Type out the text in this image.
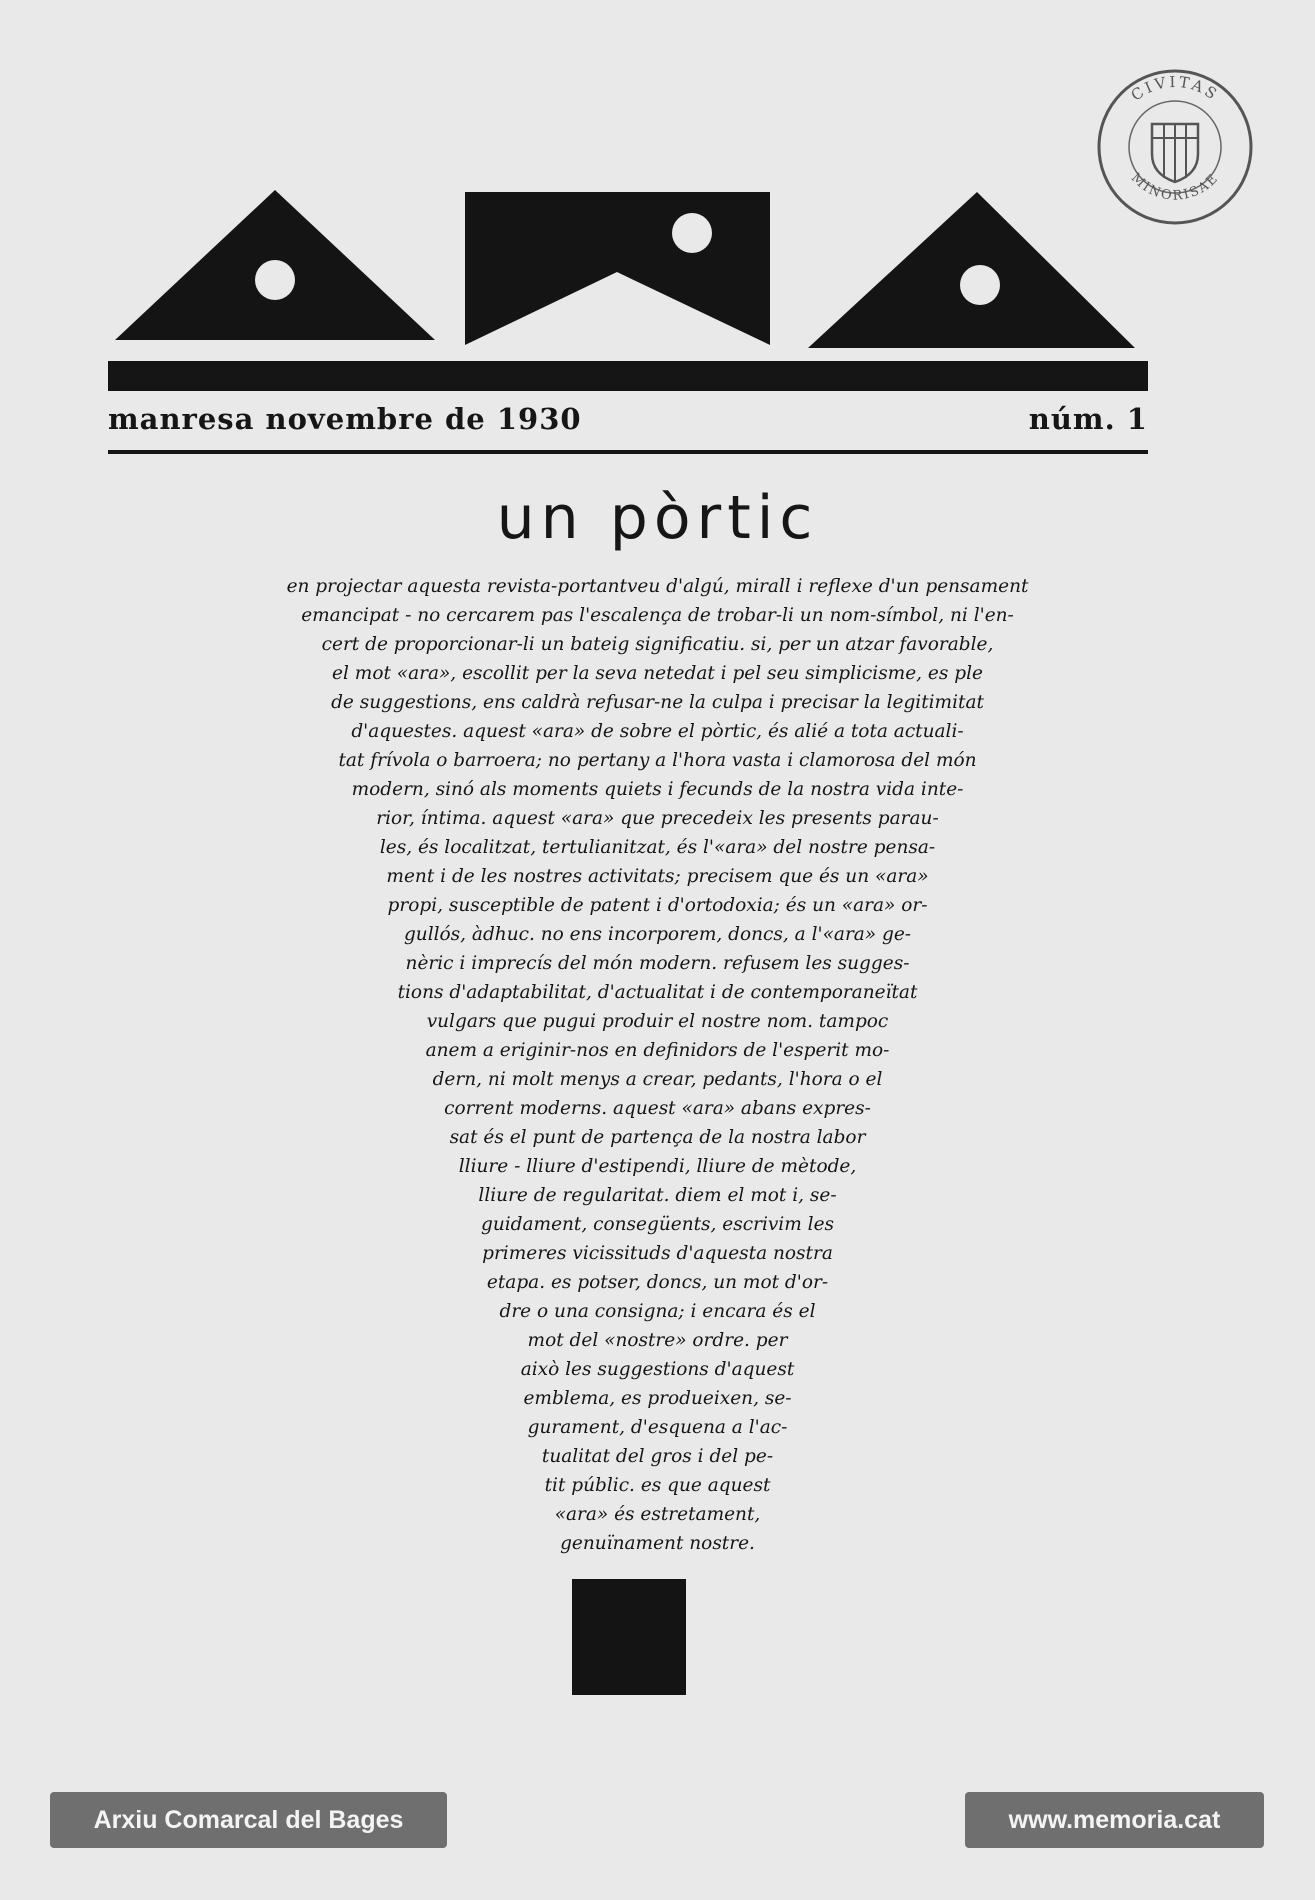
CIVITAS
MINORISAE
manresa novembre de 1930	núm. 1
un pòrtic
en projectar aquesta revista-portantveu d'algú, mirall i reflexe d'un pensament
emancipat - no cercarem pas l'escalença de trobar-li un nom-símbol, ni l'en-
cert de proporcionar-li un bateig significatiu. si, per un atzar favorable,
el mot «ara», escollit per la seva netedat i pel seu simplicisme, es ple
de suggestions, ens caldrà refusar-ne la culpa i precisar la legitimitat
d'aquestes. aquest «ara» de sobre el pòrtic, és alié a tota actuali-
tat frívola o barroera; no pertany a l'hora vasta i clamorosa del món
modern, sinó als moments quiets i fecunds de la nostra vida inte-
rior, íntima. aquest «ara» que precedeix les presents parau-
les, és localitzat, tertulianitzat, és l'«ara» del nostre pensa-
ment i de les nostres activitats; precisem que és un «ara»
propi, susceptible de patent i d'ortodoxia; és un «ara» or-
gullós, àdhuc. no ens incorporem, doncs, a l'«ara» ge-
nèric i imprecís del món modern. refusem les sugges-
tions d'adaptabilitat, d'actualitat i de contemporaneïtat
vulgars que pugui produir el nostre nom. tampoc
anem a eriginir-nos en definidors de l'esperit mo-
dern, ni molt menys a crear, pedants, l'hora o el
corrent moderns. aquest «ara» abans expres-
sat és el punt de partença de la nostra labor
lliure - lliure d'estipendi, lliure de mètode,
lliure de regularitat. diem el mot i, se-
guidament, consegüents, escrivim les
primeres vicissituds d'aquesta nostra
etapa. es potser, doncs, un mot d'or-
dre o una consigna; i encara és el
mot del «nostre» ordre. per
això les suggestions d'aquest
emblema, es produeixen, se-
gurament, d'esquena a l'ac-
tualitat del gros i del pe-
tit públic. es que aquest
«ara» és estretament,
genuïnament nostre.
Arxiu Comarcal del Bages	www.memoria.cat
